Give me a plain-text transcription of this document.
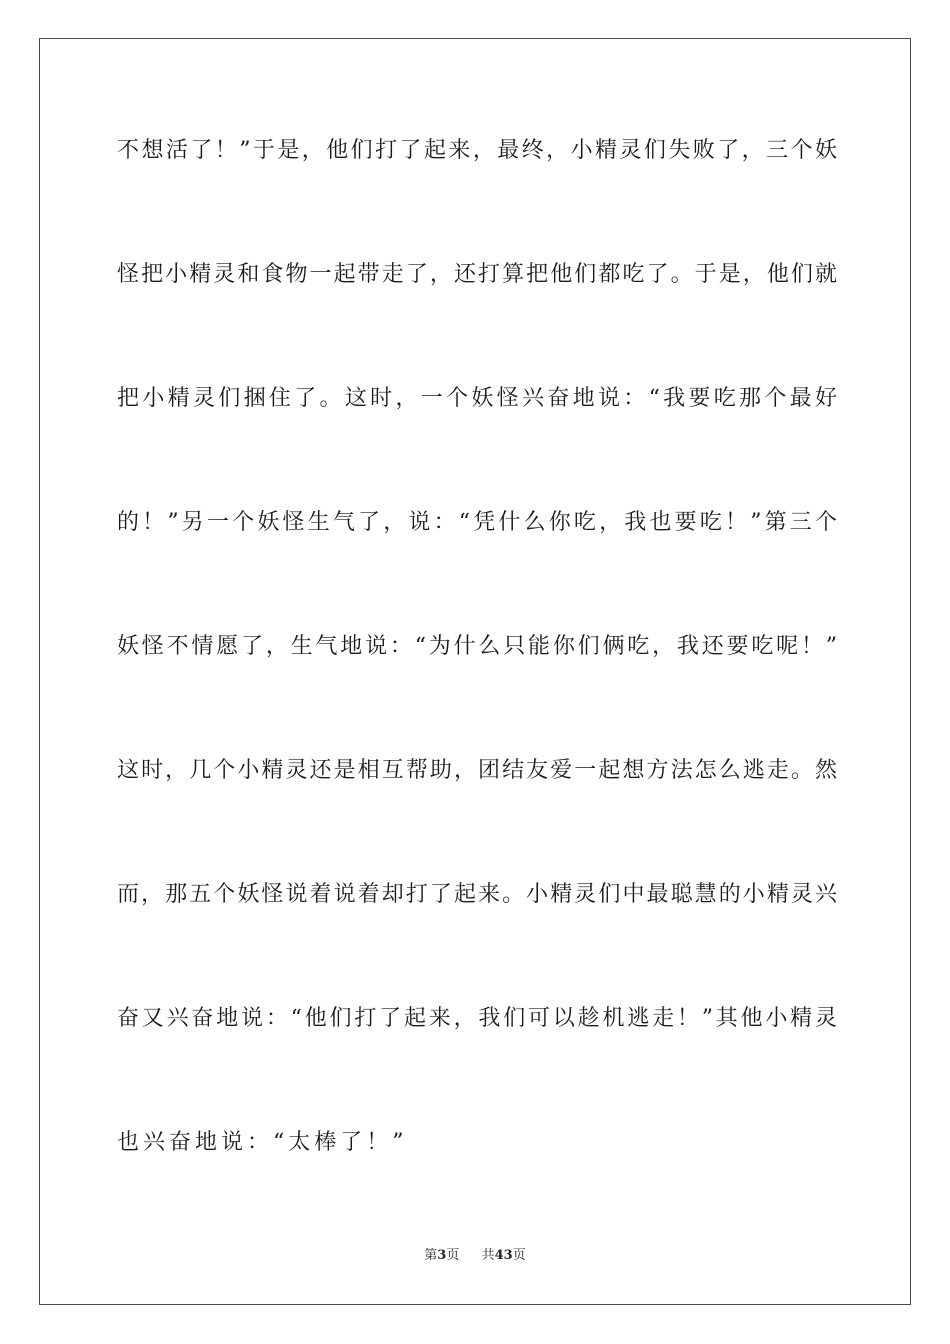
不想活了！”于是，他们打了起来，最终，小精灵们失败了，三个妖
怪把小精灵和食物一起带走了，还打算把他们都吃了。于是，他们就
把小精灵们捆住了。这时，一个妖怪兴奋地说：“我要吃那个最好
的！”另一个妖怪生气了，说：“凭什么你吃，我也要吃！”第三个
妖怪不情愿了，生气地说：“为什么只能你们俩吃，我还要吃呢！”
这时，几个小精灵还是相互帮助，团结友爱一起想方法怎么逃走。然
而，那五个妖怪说着说着却打了起来。小精灵们中最聪慧的小精灵兴
奋又兴奋地说：“他们打了起来，我们可以趁机逃走！”其他小精灵
也兴奋地说：“太棒了！”
第3页 共43页
